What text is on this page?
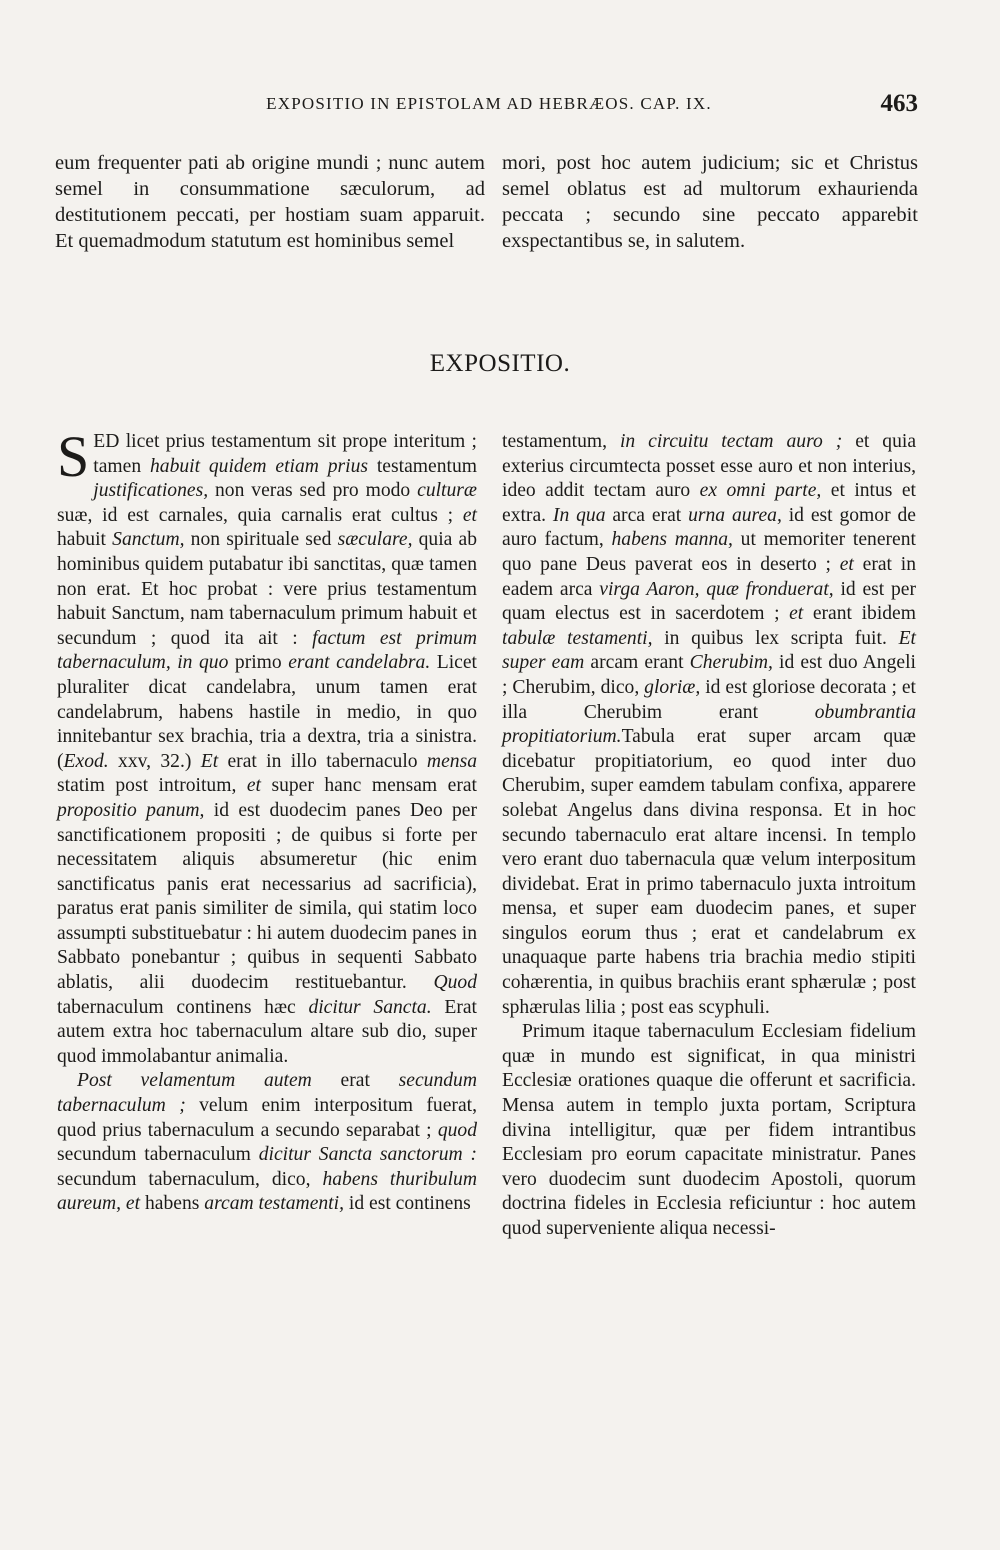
EXPOSITIO IN EPISTOLAM AD HEBRÆOS. CAP. IX.	463
eum frequenter pati ab origine mundi ; nunc autem semel in consummatione sæculorum, ad destitutionem peccati, per hostiam suam apparuit. Et quemadmodum statutum est hominibus semel
mori, post hoc autem judicium; sic et Christus semel oblatus est ad multorum exhaurienda peccata ; secundo sine peccato apparebit exspectantibus se, in salutem.
EXPOSITIO.

S ED licet prius testamentum sit prope interitum ; tamen habuit quidem etiam prius testamentum justificationes, non veras sed pro modo culturæ suæ, id est carnales, quia carnalis erat cultus ; et habuit Sanctum, non spirituale sed sæculare, quia ab hominibus quidem putabatur ibi sanctitas, quæ tamen non erat. Et hoc probat : vere prius testamentum habuit Sanctum, nam tabernaculum primum habuit et secundum ; quod ita ait : factum est primum tabernaculum, in quo primo erant candelabra. Licet pluraliter dicat candelabra, unum tamen erat candelabrum, habens hastile in medio, in quo innitebantur sex brachia, tria a dextra, tria a sinistra. (Exod. xxv, 32.) Et erat in illo tabernaculo mensa statim post introitum, et super hanc mensam erat propositio panum, id est duodecim panes Deo per sanctificationem propositi ; de quibus si forte per necessitatem aliquis absumeretur (hic enim sanctificatus panis erat necessarius ad sacrificia), paratus erat panis similiter de simila, qui statim loco assumpti substituebatur : hi autem duodecim panes in Sabbato ponebantur ; quibus in sequenti Sabbato ablatis, alii duodecim restituebantur. Quod tabernaculum continens hæc dicitur Sancta. Erat autem extra hoc tabernaculum altare sub dio, super quod immolabantur animalia.

Post velamentum autem erat secundum tabernaculum ; velum enim interpositum fuerat, quod prius tabernaculum a secundo separabat ; quod secundum tabernaculum dicitur Sancta sanctorum : secundum tabernaculum, dico, habens thuribulum aureum, et habens arcam testamenti, id est continens

testamentum, in circuitu tectam auro ; et quia exterius circumtecta posset esse auro et non interius, ideo addit tectam auro ex omni parte, et intus et extra. In qua arca erat urna aurea, id est gomor de auro factum, habens manna, ut memoriter tenerent quo pane Deus paverat eos in deserto ; et erat in eadem arca virga Aaron, quæ fronduerat, id est per quam electus est in sacerdotem ; et erant ibidem tabulæ testamenti, in quibus lex scripta fuit. Et super eam arcam erant Cherubim, id est duo Angeli ; Cherubim, dico, gloriæ, id est gloriose decorata ; et illa Cherubim erant obumbrantia propitiatorium.Tabula erat super arcam quæ dicebatur propitiatorium, eo quod inter duo Cherubim, super eamdem tabulam confixa, apparere solebat Angelus dans divina responsa. Et in hoc secundo tabernaculo erat altare incensi. In templo vero erant duo tabernacula quæ velum interpositum dividebat. Erat in primo tabernaculo juxta introitum mensa, et super eam duodecim panes, et super singulos eorum thus ; erat et candelabrum ex unaquaque parte habens tria brachia medio stipiti cohærentia, in quibus brachiis erant sphærulæ ; post sphærulas lilia ; post eas scyphuli.

Primum itaque tabernaculum Ecclesiam fidelium quæ in mundo est significat, in qua ministri Ecclesiæ orationes quaque die offerunt et sacrificia. Mensa autem in templo juxta portam, Scriptura divina intelligitur, quæ per fidem intrantibus Ecclesiam pro eorum capacitate ministratur. Panes vero duodecim sunt duodecim Apostoli, quorum doctrina fideles in Ecclesia reficiuntur : hoc autem quod superveniente aliqua necessi-
